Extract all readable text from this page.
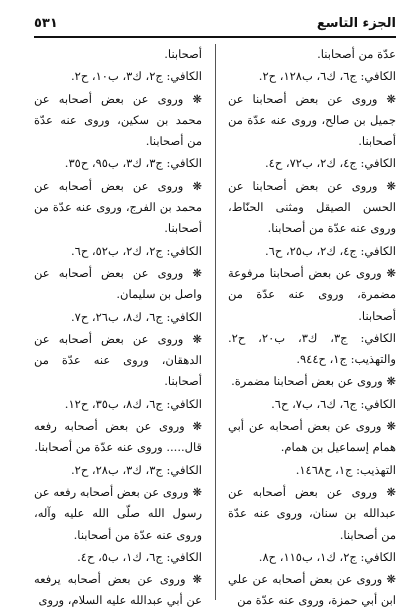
٥٣١	الجزء التاسع

عدّة من أصحابنا.

الكافي: ج٦، ك٦، ب١٢٨، ح٢.

❋ وروى عن بعض أصحابنا عن جميل بن صالح، وروى عنه عدّة من أصحابنا.

الكافي: ج٤، ك٢، ب٧٢، ح٤.

❋ وروى عن بعض أصحابنا عن الحسن الصيقل ومثنى الحنّاط، وروى عنه عدّة من أصحابنا.

الكافي: ج٤، ك٢، ب٢٥، ح٦.

❋ وروى عن بعض أصحابنا مرفوعة مضمرة، وروى عنه عدّة من أصحابنا.

الكافي: ج٣، ك٣، ب٢٠، ح٢. والتهذيب: ج١، ح٩٤٤.

❋ وروى عن بعض أصحابنا مضمرة.

الكافي: ج٦، ك٦، ب٧، ح٦.

❋ وروى عن بعض أصحابه عن أبي همام إسماعيل بن همام.

التهذيب: ج١، ح١٤٦٨.

❋ وروى عن بعض أصحابه عن عبدالله بن سنان، وروى عنه عدّة من أصحابنا.

الكافي: ج٢، ك١، ب١١٥، ح٨.

❋ وروى عن بعض أصحابه عن علي ابن أبي حمزة، وروى عنه عدّة من

أصحابنا.

الكافي: ج٢، ك٣، ب١٠، ح٢.

❋ وروى عن بعض أصحابه عن محمد بن سكين، وروى عنه عدّة من أصحابنا.

الكافي: ج٣، ك٣، ب٩٥، ح٣٥.

❋ وروى عن بعض أصحابه عن محمد بن الفرج، وروى عنه عدّة من أصحابنا.

الكافي: ج٢، ك٢، ب٥٢، ح٦.

❋ وروى عن بعض أصحابه عن واصل بن سليمان.

الكافي: ج٦، ك٨، ب٢٦، ح٧.

❋ وروى عن بعض أصحابه عن الدهقان، وروى عنه عدّة من أصحابنا.

الكافي: ج٦، ك٨، ب٣٥، ح١٢.

❋ وروى عن بعض أصحابه رفعه قال..... وروى عنه عدّة من أصحابنا.

الكافي: ج٣، ك٣، ب٢٨، ح٢.

❋ وروى عن بعض أصحابه رفعه عن رسول الله صلّى الله عليه وآله، وروى عنه عدّة من أصحابنا.

الكافي: ج٦، ك١، ب٥، ح٤.

❋ وروى عن بعض أصحابه يرفعه عن أبي عبدالله عليه السلام، وروى
